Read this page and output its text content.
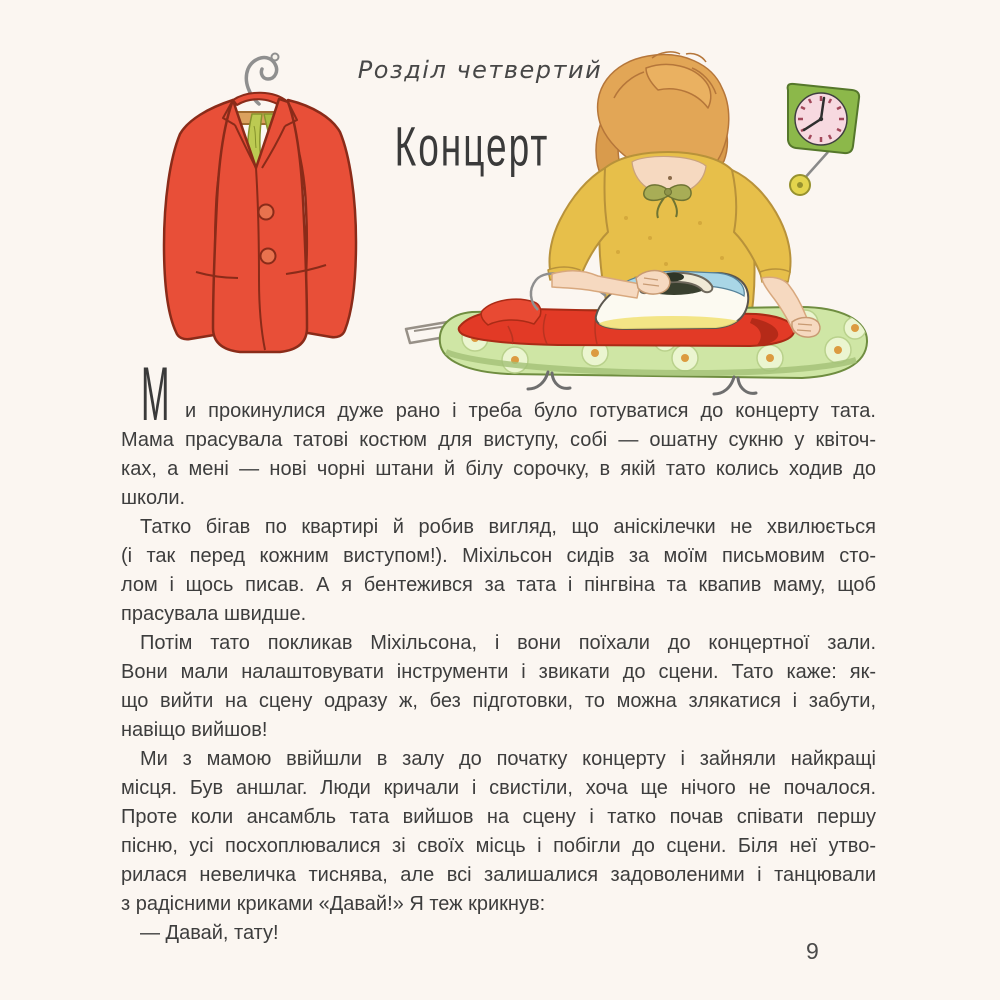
Розділ четвертий
Концерт
М и прокинулися дуже рано і треба було готуватися до концерту тата.
Мама прасувала татові костюм для виступу, собі — ошатну сукню у квіточ-
ках, а мені — нові чорні штани й білу сорочку, в якій тато колись ходив до
школи.
Татко бігав по квартирі й робив вигляд, що аніскілечки не хвилюється
(і так перед кожним виступом!). Міхільсон сидів за моїм письмовим сто-
лом і щось писав. А я бентежився за тата і пінгвіна та квапив маму, щоб
прасувала швидше.
Потім тато покликав Міхільсона, і вони поїхали до концертної зали.
Вони мали налаштовувати інструменти і звикати до сцени. Тато каже: як-
що вийти на сцену одразу ж, без підготовки, то можна злякатися і забути,
навіщо вийшов!
Ми з мамою ввійшли в залу до початку концерту і зайняли найкращі
місця. Був аншлаг. Люди кричали і свистіли, хоча ще нічого не почалося.
Проте коли ансамбль тата вийшов на сцену і татко почав співати першу
пісню, усі посхоплювалися зі своїх місць і побігли до сцени. Біля неї утво-
рилася невеличка тиснява, але всі залишалися задоволеними і танцювали
з радісними криками «Давай!» Я теж крикнув:
— Давай, тату!
9
